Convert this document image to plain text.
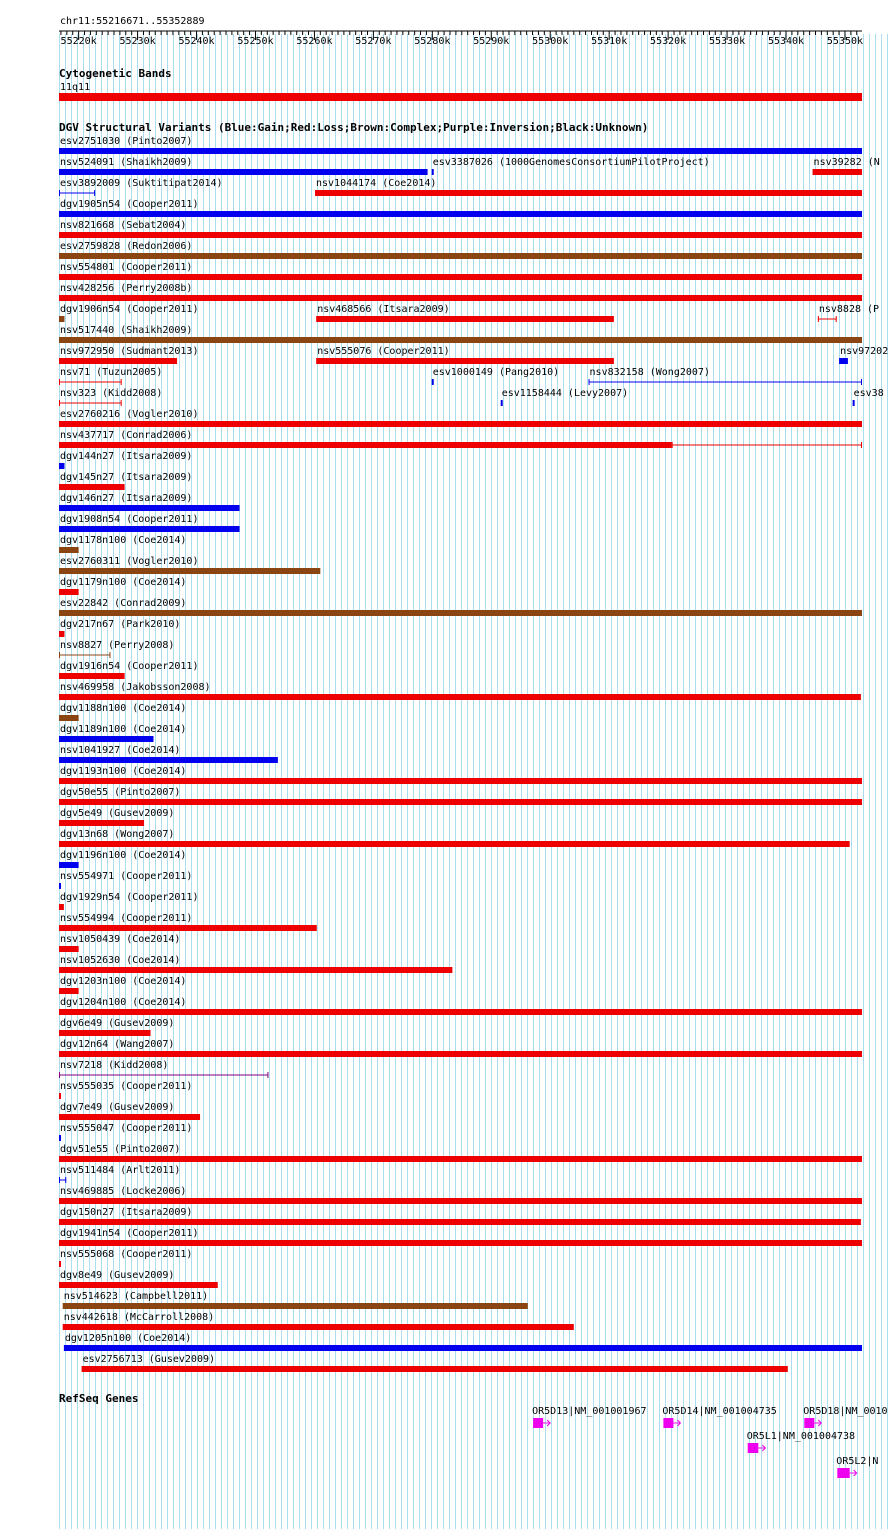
chr11:55216671..55352889
55220k 55230k 55240k 55250k 55260k 55270k 55280k 55290k 55300k 55310k 55320k 55330k 55340k 55350k
Cytogenetic Bands
11q11
DGV Structural Variants (Blue:Gain;Red:Loss;Brown:Complex;Purple:Inversion;Black:Unknown)
esv2751030 (Pinto2007)
nsv524091 (Shaikh2009)	esv3387026 (1000GenomesConsortiumPilotProject)	nsv39282 (N
esv3892009 (Suktitipat2014)	nsv1044174 (Coe2014)
dgv1905n54 (Cooper2011)
nsv821668 (Sebat2004)
esv2759828 (Redon2006)
nsv554801 (Cooper2011)
nsv428256 (Perry2008b)
dgv1906n54 (Cooper2011)	nsv468566 (Itsara2009)	nsv8828 (P
nsv517440 (Shaikh2009)
nsv972950 (Sudmant2013)	nsv555076 (Cooper2011)	nsv97202
nsv71 (Tuzun2005)	esv1000149 (Pang2010)	nsv832158 (Wong2007)
nsv323 (Kidd2008)	esv1158444 (Levy2007)	esv38
esv2760216 (Vogler2010)
nsv437717 (Conrad2006)
dgv144n27 (Itsara2009)
dgv145n27 (Itsara2009)
dgv146n27 (Itsara2009)
dgv1908n54 (Cooper2011)
dgv1178n100 (Coe2014)
esv2760311 (Vogler2010)
dgv1179n100 (Coe2014)
esv22842 (Conrad2009)
dgv217n67 (Park2010)
nsv8827 (Perry2008)
dgv1916n54 (Cooper2011)
nsv469958 (Jakobsson2008)
dgv1188n100 (Coe2014)
dgv1189n100 (Coe2014)
nsv1041927 (Coe2014)
dgv1193n100 (Coe2014)
dgv50e55 (Pinto2007)
dgv5e49 (Gusev2009)
dgv13n68 (Wong2007)
dgv1196n100 (Coe2014)
nsv554971 (Cooper2011)
dgv1929n54 (Cooper2011)
nsv554994 (Cooper2011)
nsv1050439 (Coe2014)
nsv1052630 (Coe2014)
dgv1203n100 (Coe2014)
dgv1204n100 (Coe2014)
dgv6e49 (Gusev2009)
dgv12n64 (Wang2007)
nsv7218 (Kidd2008)
nsv555035 (Cooper2011)
dgv7e49 (Gusev2009)
nsv555047 (Cooper2011)
dgv51e55 (Pinto2007)
nsv511484 (Arlt2011)
nsv469885 (Locke2006)
dgv150n27 (Itsara2009)
dgv1941n54 (Cooper2011)
nsv555068 (Cooper2011)
dgv8e49 (Gusev2009)
nsv514623 (Campbell2011)
nsv442618 (McCarroll2008)
dgv1205n100 (Coe2014)
esv2756713 (Gusev2009)
RefSeq Genes
OR5D13|NM_001001967 OR5D14|NM_001004735	OR5D18|NM_0010
OR5L1|NM_001004738
OR5L2|N
